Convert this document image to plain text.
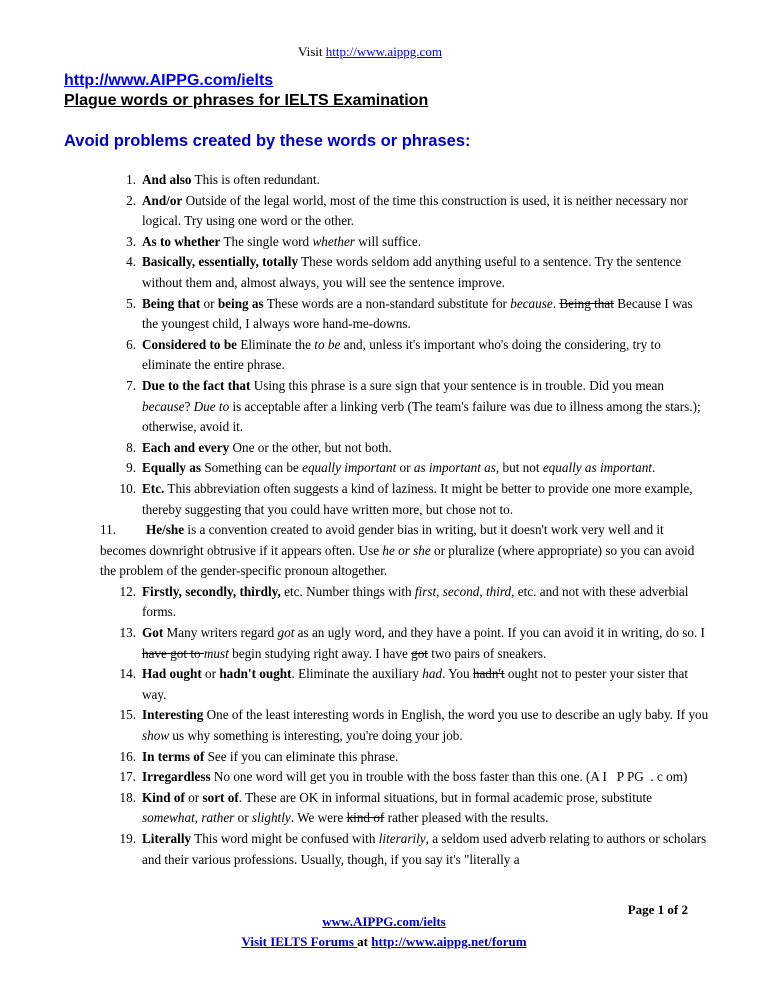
Visit http://www.aippg.com
http://www.AIPPG.com/ielts
Plague words or phrases for IELTS Examination
Avoid problems created by these words or phrases:
1. And also This is often redundant.
2. And/or Outside of the legal world, most of the time this construction is used, it is neither necessary nor logical. Try using one word or the other.
3. As to whether The single word whether will suffice.
4. Basically, essentially, totally These words seldom add anything useful to a sentence. Try the sentence without them and, almost always, you will see the sentence improve.
5. Being that or being as These words are a non-standard substitute for because. Being that Because I was the youngest child, I always wore hand-me-downs.
6. Considered to be Eliminate the to be and, unless it's important who's doing the considering, try to eliminate the entire phrase.
7. Due to the fact that Using this phrase is a sure sign that your sentence is in trouble. Did you mean because? Due to is acceptable after a linking verb (The team's failure was due to illness among the stars.); otherwise, avoid it.
8. Each and every One or the other, but not both.
9. Equally as Something can be equally important or as important as, but not equally as important.
10. Etc. This abbreviation often suggests a kind of laziness. It might be better to provide one more example, thereby suggesting that you could have written more, but chose not to.
11. He/she is a convention created to avoid gender bias in writing, but it doesn't work very well and it becomes downright obtrusive if it appears often. Use he or she or pluralize (where appropriate) so you can avoid the problem of the gender-specific pronoun altogether.
12. Firstly, secondly, thirdly, etc. Number things with first, second, third, etc. and not with these adverbial forms.
13. Got Many writers regard got as an ugly word, and they have a point. If you can avoid it in writing, do so. I have got to must begin studying right away. I have got two pairs of sneakers.
14. Had ought or hadn't ought. Eliminate the auxiliary had. You hadn't ought not to pester your sister that way.
15. Interesting One of the least interesting words in English, the word you use to describe an ugly baby. If you show us why something is interesting, you're doing your job.
16. In terms of See if you can eliminate this phrase.
17. Irregardless No one word will get you in trouble with the boss faster than this one. (A I   P PG  . c om)
18. Kind of or sort of. These are OK in informal situations, but in formal academic prose, substitute somewhat, rather or slightly. We were kind of rather pleased with the results.
19. Literally This word might be confused with literarily, a seldom used adverb relating to authors or scholars and their various professions. Usually, though, if you say it's "literally a
Page 1 of 2
www.AIPPG.com/ielts
Visit IELTS Forums at http://www.aippg.net/forum
